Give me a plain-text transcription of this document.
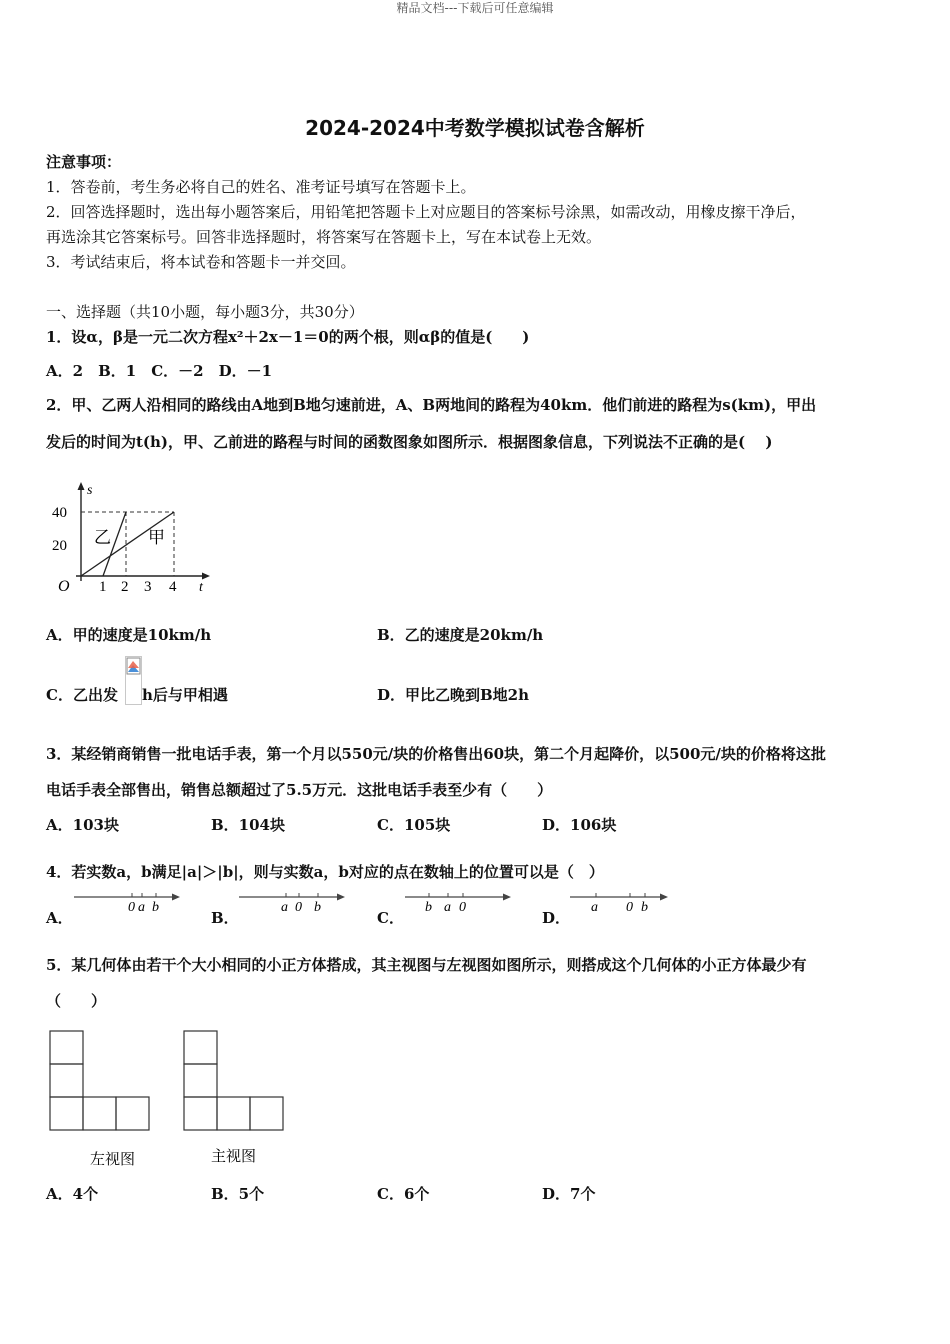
精品文档---下载后可任意编辑
2024-2024中考数学模拟试卷含解析
注意事项：
1．答卷前，考生务必将自己的姓名、准考证号填写在答题卡上。
2．回答选择题时，选出每小题答案后，用铅笔把答题卡上对应题目的答案标号涂黑，如需改动，用橡皮擦干净后，
再选涂其它答案标号。回答非选择题时，将答案写在答题卡上，写在本试卷上无效。
3．考试结束后，将本试卷和答题卡一并交回。
一、选择题（共10小题，每小题3分，共30分）
1．设α，β是一元二次方程x²＋2x－1＝0的两个根，则αβ的值是(　　)
A．2　B．1　C．－2　D．－1
2．甲、乙两人沿相同的路线由A地到B地匀速前进，A、B两地间的路程为40km．他们前进的路程为s(km)，甲出
发后的时间为t(h)，甲、乙前进的路程与时间的函数图象如图所示．根据图象信息，下列说法不正确的是(　 )
s
t
O
40
20
1 2 3 4
乙 甲
A．甲的速度是10km/h	B．乙的速度是20km/h
C．乙出发 h后与甲相遇	D．甲比乙晚到B地2h
3．某经销商销售一批电话手表，第一个月以550元/块的价格售出60块，第二个月起降价，以500元/块的价格将这批
电话手表全部售出，销售总额超过了5.5万元．这批电话手表至少有（　　）
A．103块	B．104块	C．105块	D．106块
4．若实数a，b满足|a|＞|b|，则与实数a，b对应的点在数轴上的位置可以是（　）
A．
0 a b
B．
a 0 b
C．
b a 0
D．
a 0 b
5．某几何体由若干个大小相同的小正方体搭成，其主视图与左视图如图所示，则搭成这个几何体的小正方体最少有
（　　）
左视图	主视图
A．4个	B．5个	C．6个	D．7个
